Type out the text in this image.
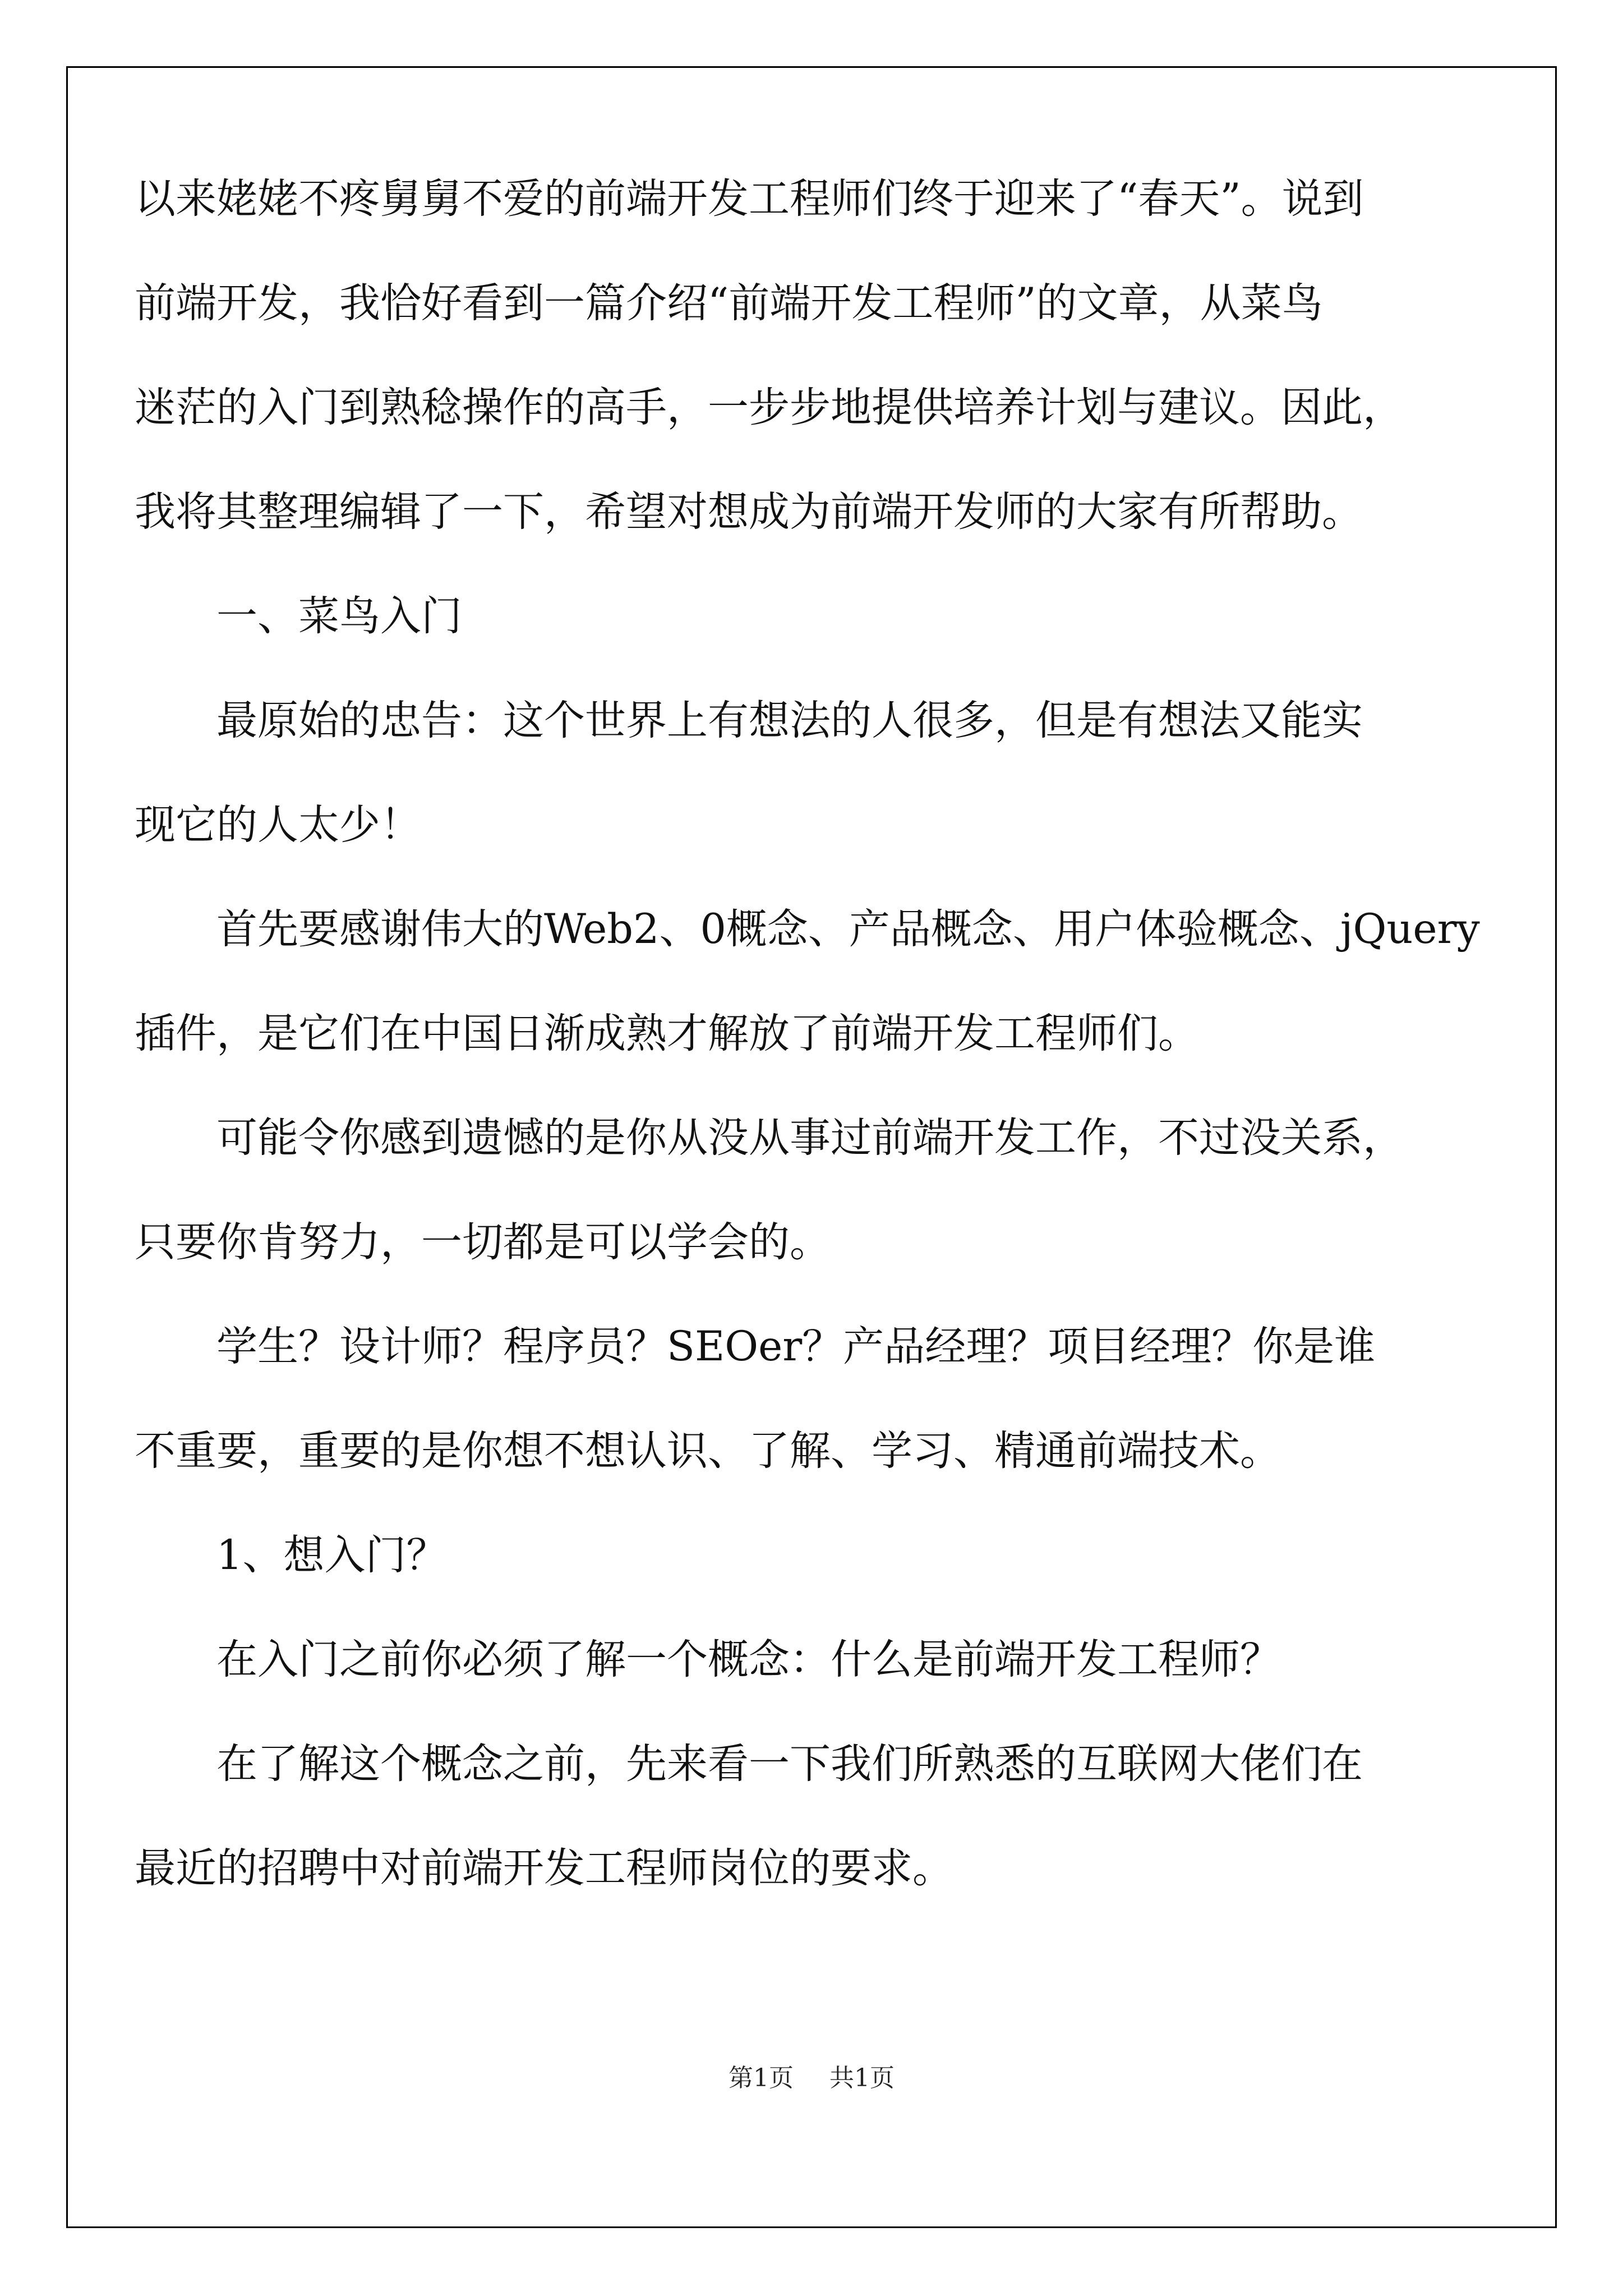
以来姥姥不疼舅舅不爱的前端开发工程师们终于迎来了“春天”。说到
前端开发，我恰好看到一篇介绍“前端开发工程师”的文章，从菜鸟
迷茫的入门到熟稔操作的高手，一步步地提供培养计划与建议。因此，
我将其整理编辑了一下，希望对想成为前端开发师的大家有所帮助。
一、菜鸟入门
最原始的忠告：这个世界上有想法的人很多，但是有想法又能实
现它的人太少！
首先要感谢伟大的Web2、0概念、产品概念、用户体验概念、jQuery
插件，是它们在中国日渐成熟才解放了前端开发工程师们。
可能令你感到遗憾的是你从没从事过前端开发工作，不过没关系，
只要你肯努力，一切都是可以学会的。
学生？设计师？程序员？SEOer？产品经理？项目经理？你是谁
不重要，重要的是你想不想认识、了解、学习、精通前端技术。
1、想入门？
在入门之前你必须了解一个概念：什么是前端开发工程师？
在了解这个概念之前，先来看一下我们所熟悉的互联网大佬们在
最近的招聘中对前端开发工程师岗位的要求。
第1页 共1页
